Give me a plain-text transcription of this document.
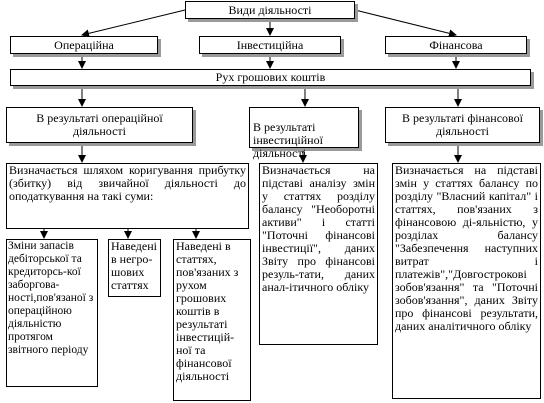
Види діяльності
Операційна	Інвестиційна	Фінансова
Рух грошових коштів
В результаті операційної
діяльності	В результаті
інвестиційної
діяльності

В результаті фінансової
діяльності
Визначається шляхом коригування прибутку (збитку) від звичайної діяльності до оподаткування на такі суми:
Визначається на підставі аналізу змін у статтях розділу балансу "Необоротні активи" і статті "Поточні фінансові інвестиції", даних Звіту про фінансові резуль-тати, даних анал-ітичного обліку
Визначається на підставі змін у статтях балансу по розділу "Власний капітал" і статтях, пов'язаних з фінансовою ді-яльністю, у розділах балансу "Забезпечення наступних витрат і платежів","Довгострокові зобов'язання" та "Поточні зобов'язання", даних Звіту про фінансові результати, даних аналітичного обліку
Зміни запасів дебіторської та кредиторсь-кої заборгова-ності,пов'язаної з операційною діяльністю протягом звітного періоду
Наведені в негро-шових статтях
Наведені в статтях, пов'язаних з рухом грошових коштів в результаті інвестицій-ної та фінансової діяльності
